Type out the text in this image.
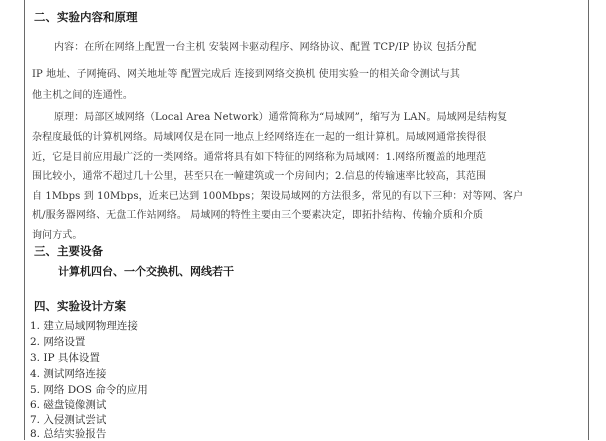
二、实验内容和原理
内容：在所在网络上配置一台主机 安装网卡驱动程序、网络协议、配置 TCP/IP 协议 包括分配
IP 地址、子网掩码、网关地址等 配置完成后 连接到网络交换机 使用实验一的相关命令测试与其
他主机之间的连通性。
原理：局部区域网络（Local Area Network）通常简称为“局域网”，缩写为 LAN。局域网是结构复
杂程度最低的计算机网络。局域网仅是在同一地点上经网络连在一起的一组计算机。局域网通常挨得很
近，它是目前应用最广泛的一类网络。通常将具有如下特征的网络称为局域网：1.网络所覆盖的地理范
围比较小，通常不超过几十公里，甚至只在一幢建筑或一个房间内；2.信息的传输速率比较高，其范围
自 1Mbps 到 10Mbps，近来已达到 100Mbps；架设局域网的方法很多，常见的有以下三种：对等网、客户
机/服务器网络、无盘工作站网络。 局域网的特性主要由三个要素决定，即拓扑结构、传输介质和介质
询问方式。
三、主要设备
计算机四台、一个交换机、网线若干
四、实验设计方案
1. 建立局域网物理连接
2. 网络设置
3. IP 具体设置
4. 测试网络连接
5. 网络 DOS 命令的应用
6. 磁盘镜像测试
7. 入侵测试尝试
8. 总结实验报告
